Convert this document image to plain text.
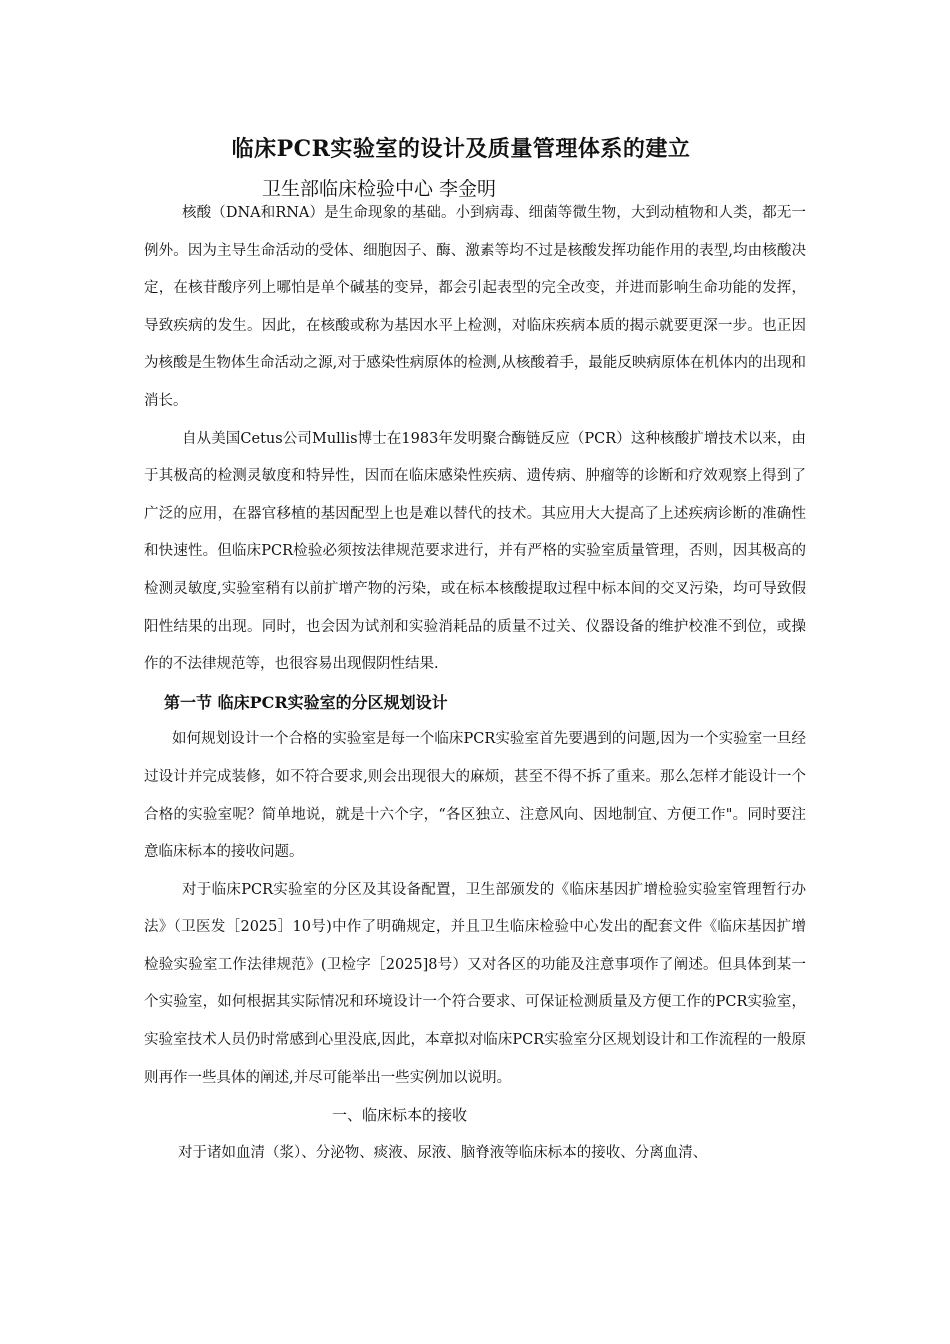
临床PCR实验室的设计及质量管理体系的建立
卫生部临床检验中心 李金明

核酸（DNA和RNA）是生命现象的基础。小到病毒、细菌等微生物，大到动植物和人类，都无一例外。因为主导生命活动的受体、细胞因子、酶、激素等均不过是核酸发挥功能作用的表型,均由核酸决定，在核苷酸序列上哪怕是单个碱基的变异，都会引起表型的完全改变，并进而影响生命功能的发挥，导致疾病的发生。因此，在核酸或称为基因水平上检测，对临床疾病本质的揭示就要更深一步。也正因为核酸是生物体生命活动之源,对于感染性病原体的检测,从核酸着手，最能反映病原体在机体内的出现和消长。

自从美国Cetus公司Mullis博士在1983年发明聚合酶链反应（PCR）这种核酸扩增技术以来，由于其极高的检测灵敏度和特异性，因而在临床感染性疾病、遗传病、肿瘤等的诊断和疗效观察上得到了广泛的应用，在器官移植的基因配型上也是难以替代的技术。其应用大大提高了上述疾病诊断的准确性和快速性。但临床PCR检验必须按法律规范要求进行，并有严格的实验室质量管理，否则，因其极高的检测灵敏度,实验室稍有以前扩增产物的污染，或在标本核酸提取过程中标本间的交叉污染，均可导致假阳性结果的出现。同时，也会因为试剂和实验消耗品的质量不过关、仪器设备的维护校准不到位，或操作的不法律规范等，也很容易出现假阴性结果.

第一节 临床PCR实验室的分区规划设计

如何规划设计一个合格的实验室是每一个临床PCR实验室首先要遇到的问题,因为一个实验室一旦经过设计并完成装修，如不符合要求,则会出现很大的麻烦，甚至不得不拆了重来。那么怎样才能设计一个合格的实验室呢？简单地说，就是十六个字，“各区独立、注意风向、因地制宜、方便工作"。同时要注意临床标本的接收问题。

对于临床PCR实验室的分区及其设备配置，卫生部颁发的《临床基因扩增检验实验室管理暂行办法》（卫医发［2025］10号)中作了明确规定，并且卫生临床检验中心发出的配套文件《临床基因扩增检验实验室工作法律规范》(卫检字［2025]8号）又对各区的功能及注意事项作了阐述。但具体到某一个实验室，如何根据其实际情况和环境设计一个符合要求、可保证检测质量及方便工作的PCR实验室，实验室技术人员仍时常感到心里没底,因此，本章拟对临床PCR实验室分区规划设计和工作流程的一般原则再作一些具体的阐述,并尽可能举出一些实例加以说明。

一、临床标本的接收

对于诸如血清（浆）、分泌物、痰液、尿液、脑脊液等临床标本的接收、分离血清、
